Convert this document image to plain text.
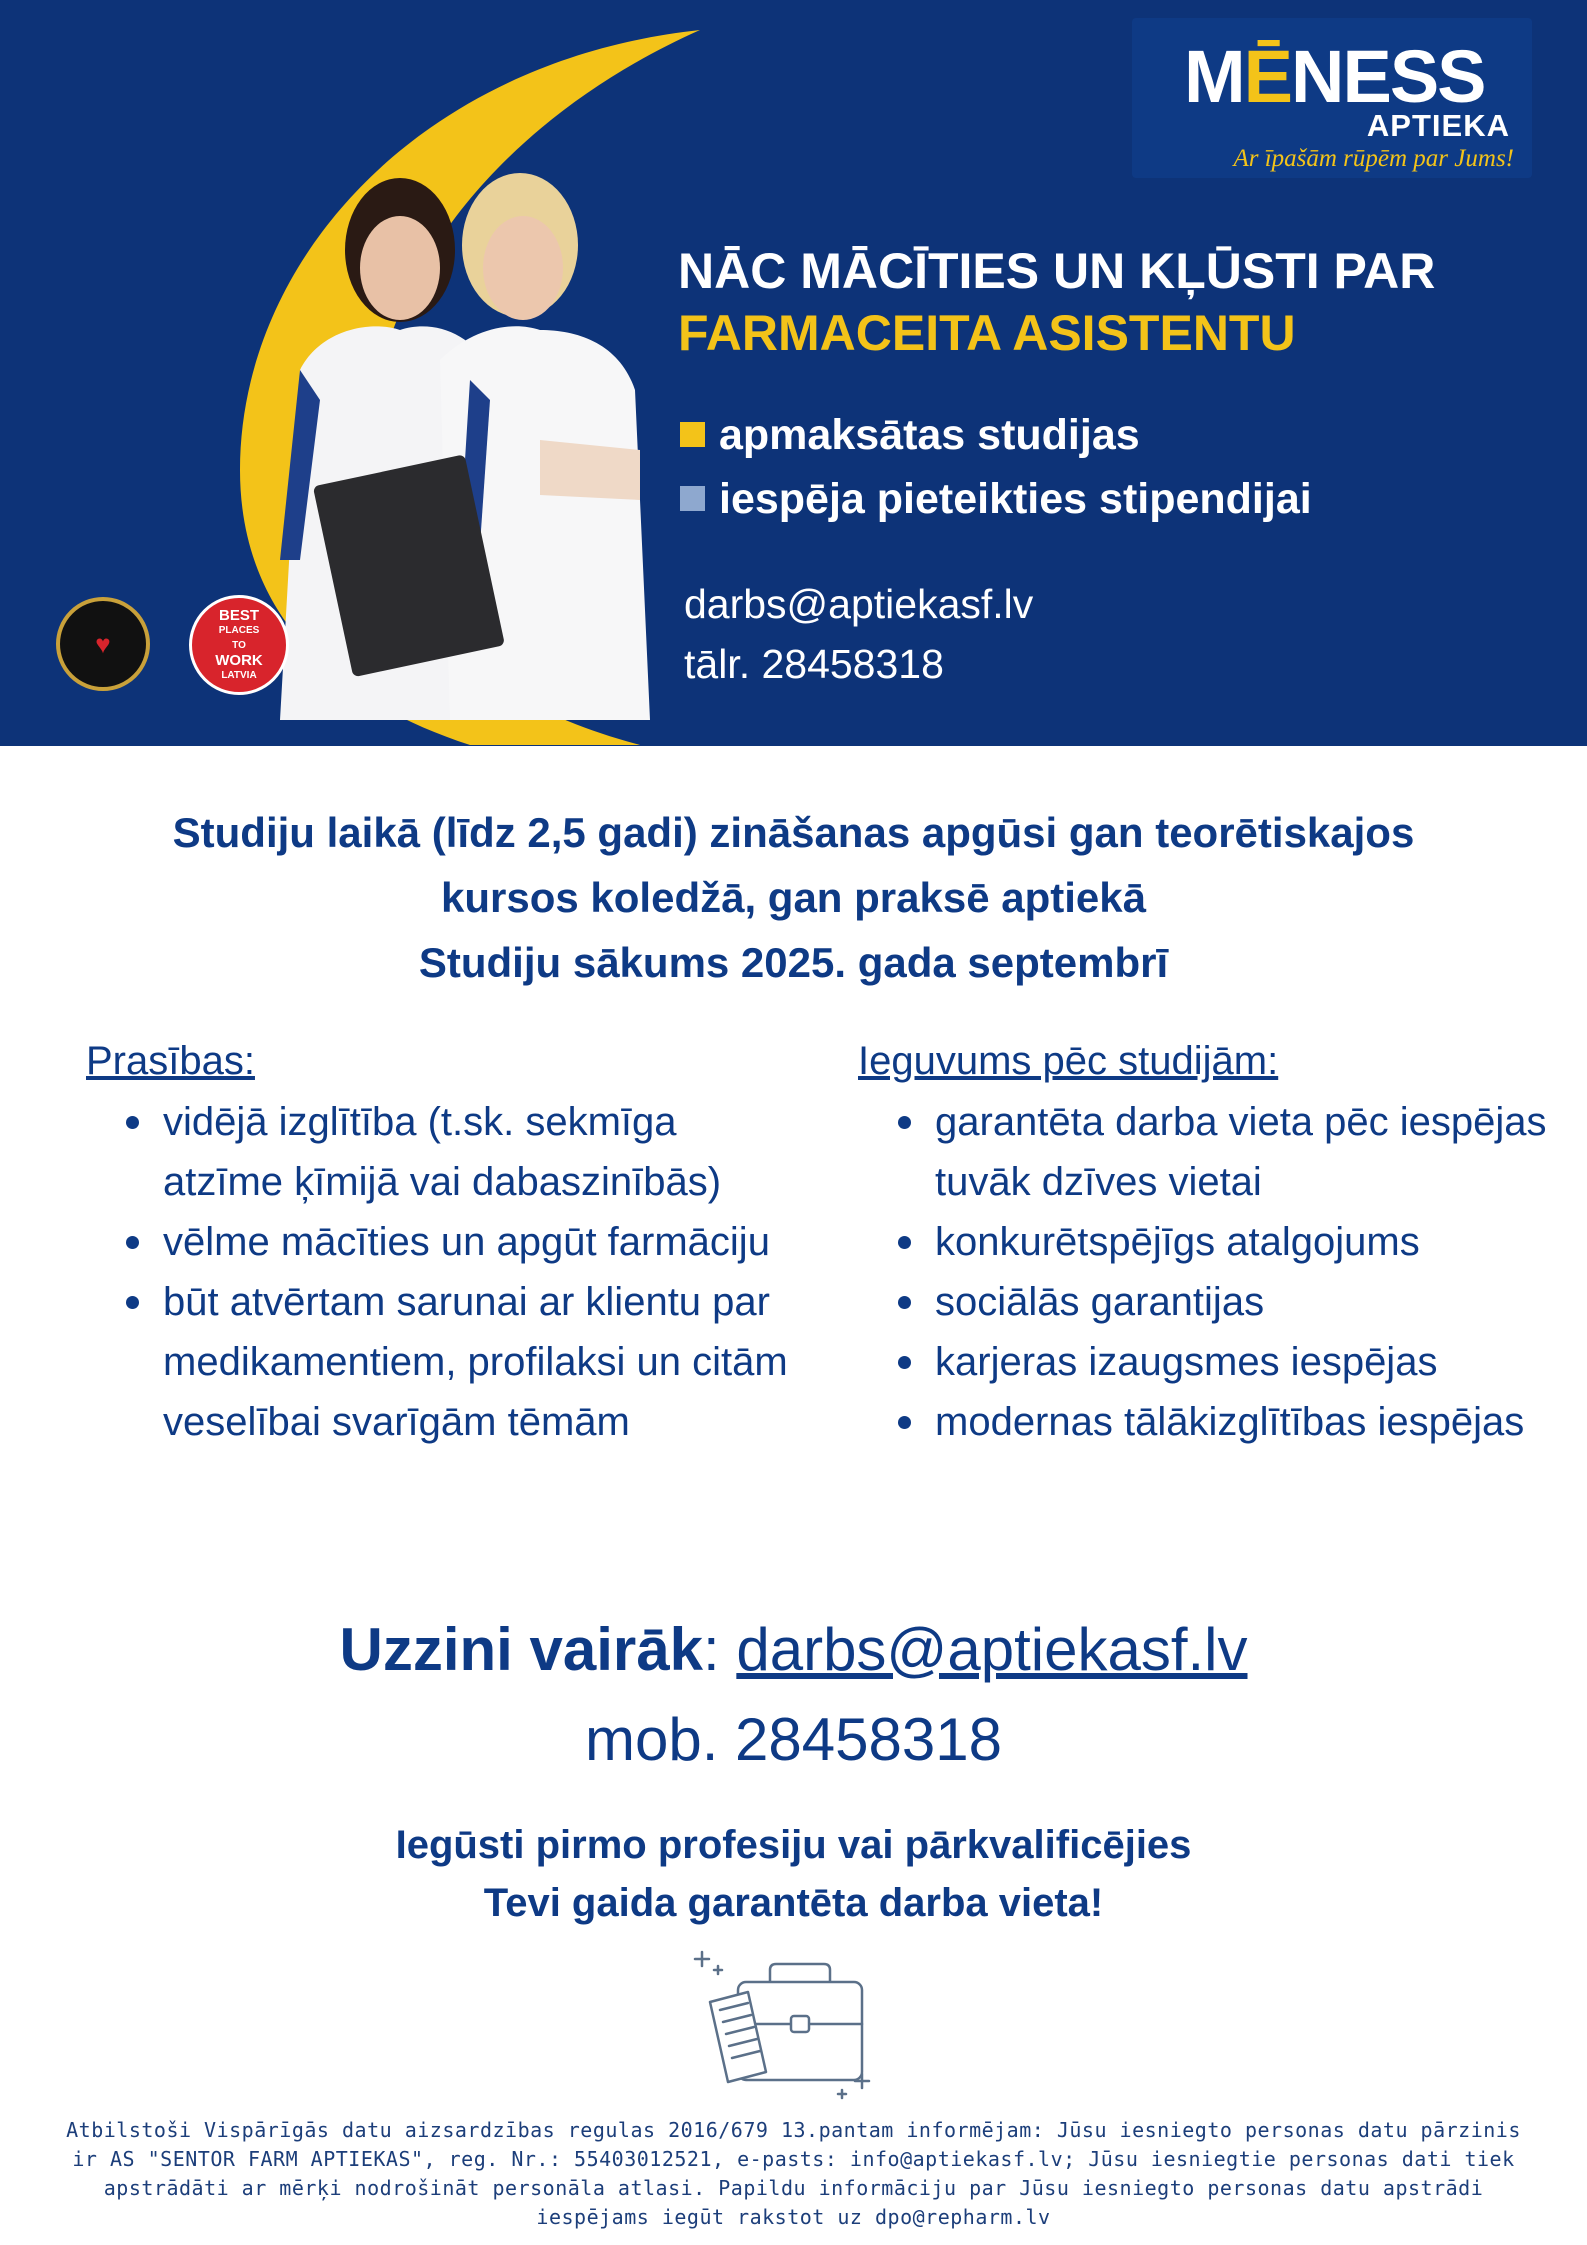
MĒNESS
APTIEKA
Ar īpašām rūpēm par Jums!
NĀC MĀCĪTIES UN KĻŪSTI PAR
FARMACEITA ASISTENTU
apmaksātas studijas
iespēja pieteikties stipendijai
darbs@aptiekasf.lv
tālr. 28458318
♥
BEST
PLACES
TO
WORK
LATVIA

Studiju laikā (līdz 2,5 gadi) zināšanas apgūsi gan teorētiskajos

kursos koledžā, gan praksē aptiekā

Studiju sākums 2025. gada septembrī

Prasības:
vidējā izglītība (t.sk. sekmīga atzīme ķīmijā vai dabaszinībās)
vēlme mācīties un apgūt farmāciju
būt atvērtam sarunai ar klientu par medikamentiem, profilaksi un citām veselībai svarīgām tēmām
Ieguvums pēc studijām:
garantēta darba vieta pēc iespējas tuvāk dzīves vietai
konkurētspējīgs atalgojums
sociālās garantijas
karjeras izaugsmes iespējas
modernas tālākizglītības iespējas
Uzzini vairāk: darbs@aptiekasf.lv
mob. 28458318

Iegūsti pirmo profesiju vai pārkvalificējies

Tevi gaida garantēta darba vieta!

Atbilstoši Vispārīgās datu aizsardzības regulas 2016/679 13.pantam informējam: Jūsu iesniegto personas datu pārzinis ir AS "SENTOR FARM APTIEKAS", reg. Nr.: 55403012521, e-pasts: info@aptiekasf.lv; Jūsu iesniegtie personas dati tiek apstrādāti ar mērķi nodrošināt personāla atlasi. Papildu informāciju par Jūsu iesniegto personas datu apstrādi iespējams iegūt rakstot uz dpo@repharm.lv
